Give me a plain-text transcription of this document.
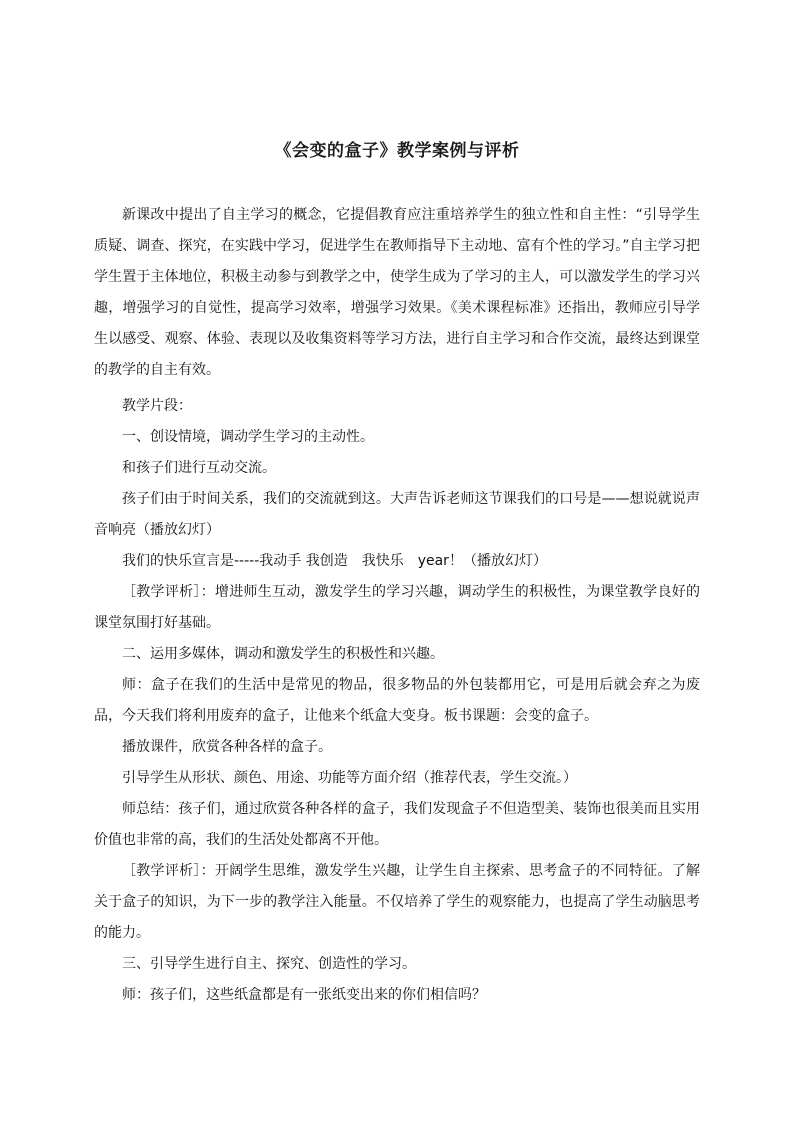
《会变的盒子》教学案例与评析

新课改中提出了自主学习的概念，它提倡教育应注重培养学生的独立性和自主性：“引导学生质疑、调查、探究，在实践中学习，促进学生在教师指导下主动地、富有个性的学习。”自主学习把学生置于主体地位，积极主动参与到教学之中，使学生成为了学习的主人，可以激发学生的学习兴趣，增强学习的自觉性，提高学习效率，增强学习效果。《美术课程标准》还指出，教师应引导学生以感受、观察、体验、表现以及收集资料等学习方法，进行自主学习和合作交流，最终达到课堂的教学的自主有效。

教学片段：

一、创设情境，调动学生学习的主动性。

和孩子们进行互动交流。

孩子们由于时间关系，我们的交流就到这。大声告诉老师这节课我们的口号是——想说就说声音响亮（播放幻灯）

我们的快乐宣言是-----我动手 我创造　我快乐　year！（播放幻灯）

［教学评析］：增进师生互动，激发学生的学习兴趣，调动学生的积极性，为课堂教学良好的课堂氛围打好基础。

二、运用多媒体，调动和激发学生的积极性和兴趣。

师：盒子在我们的生活中是常见的物品，很多物品的外包装都用它，可是用后就会弃之为废品，今天我们将利用废弃的盒子，让他来个纸盒大变身。板书课题：会变的盒子。

播放课件，欣赏各种各样的盒子。

引导学生从形状、颜色、用途、功能等方面介绍（推荐代表，学生交流。）

师总结：孩子们，通过欣赏各种各样的盒子，我们发现盒子不但造型美、装饰也很美而且实用价值也非常的高，我们的生活处处都离不开他。

［教学评析］：开阔学生思维，激发学生兴趣，让学生自主探索、思考盒子的不同特征。了解关于盒子的知识，为下一步的教学注入能量。不仅培养了学生的观察能力，也提高了学生动脑思考的能力。

三、引导学生进行自主、探究、创造性的学习。

师：孩子们，这些纸盒都是有一张纸变出来的你们相信吗？
